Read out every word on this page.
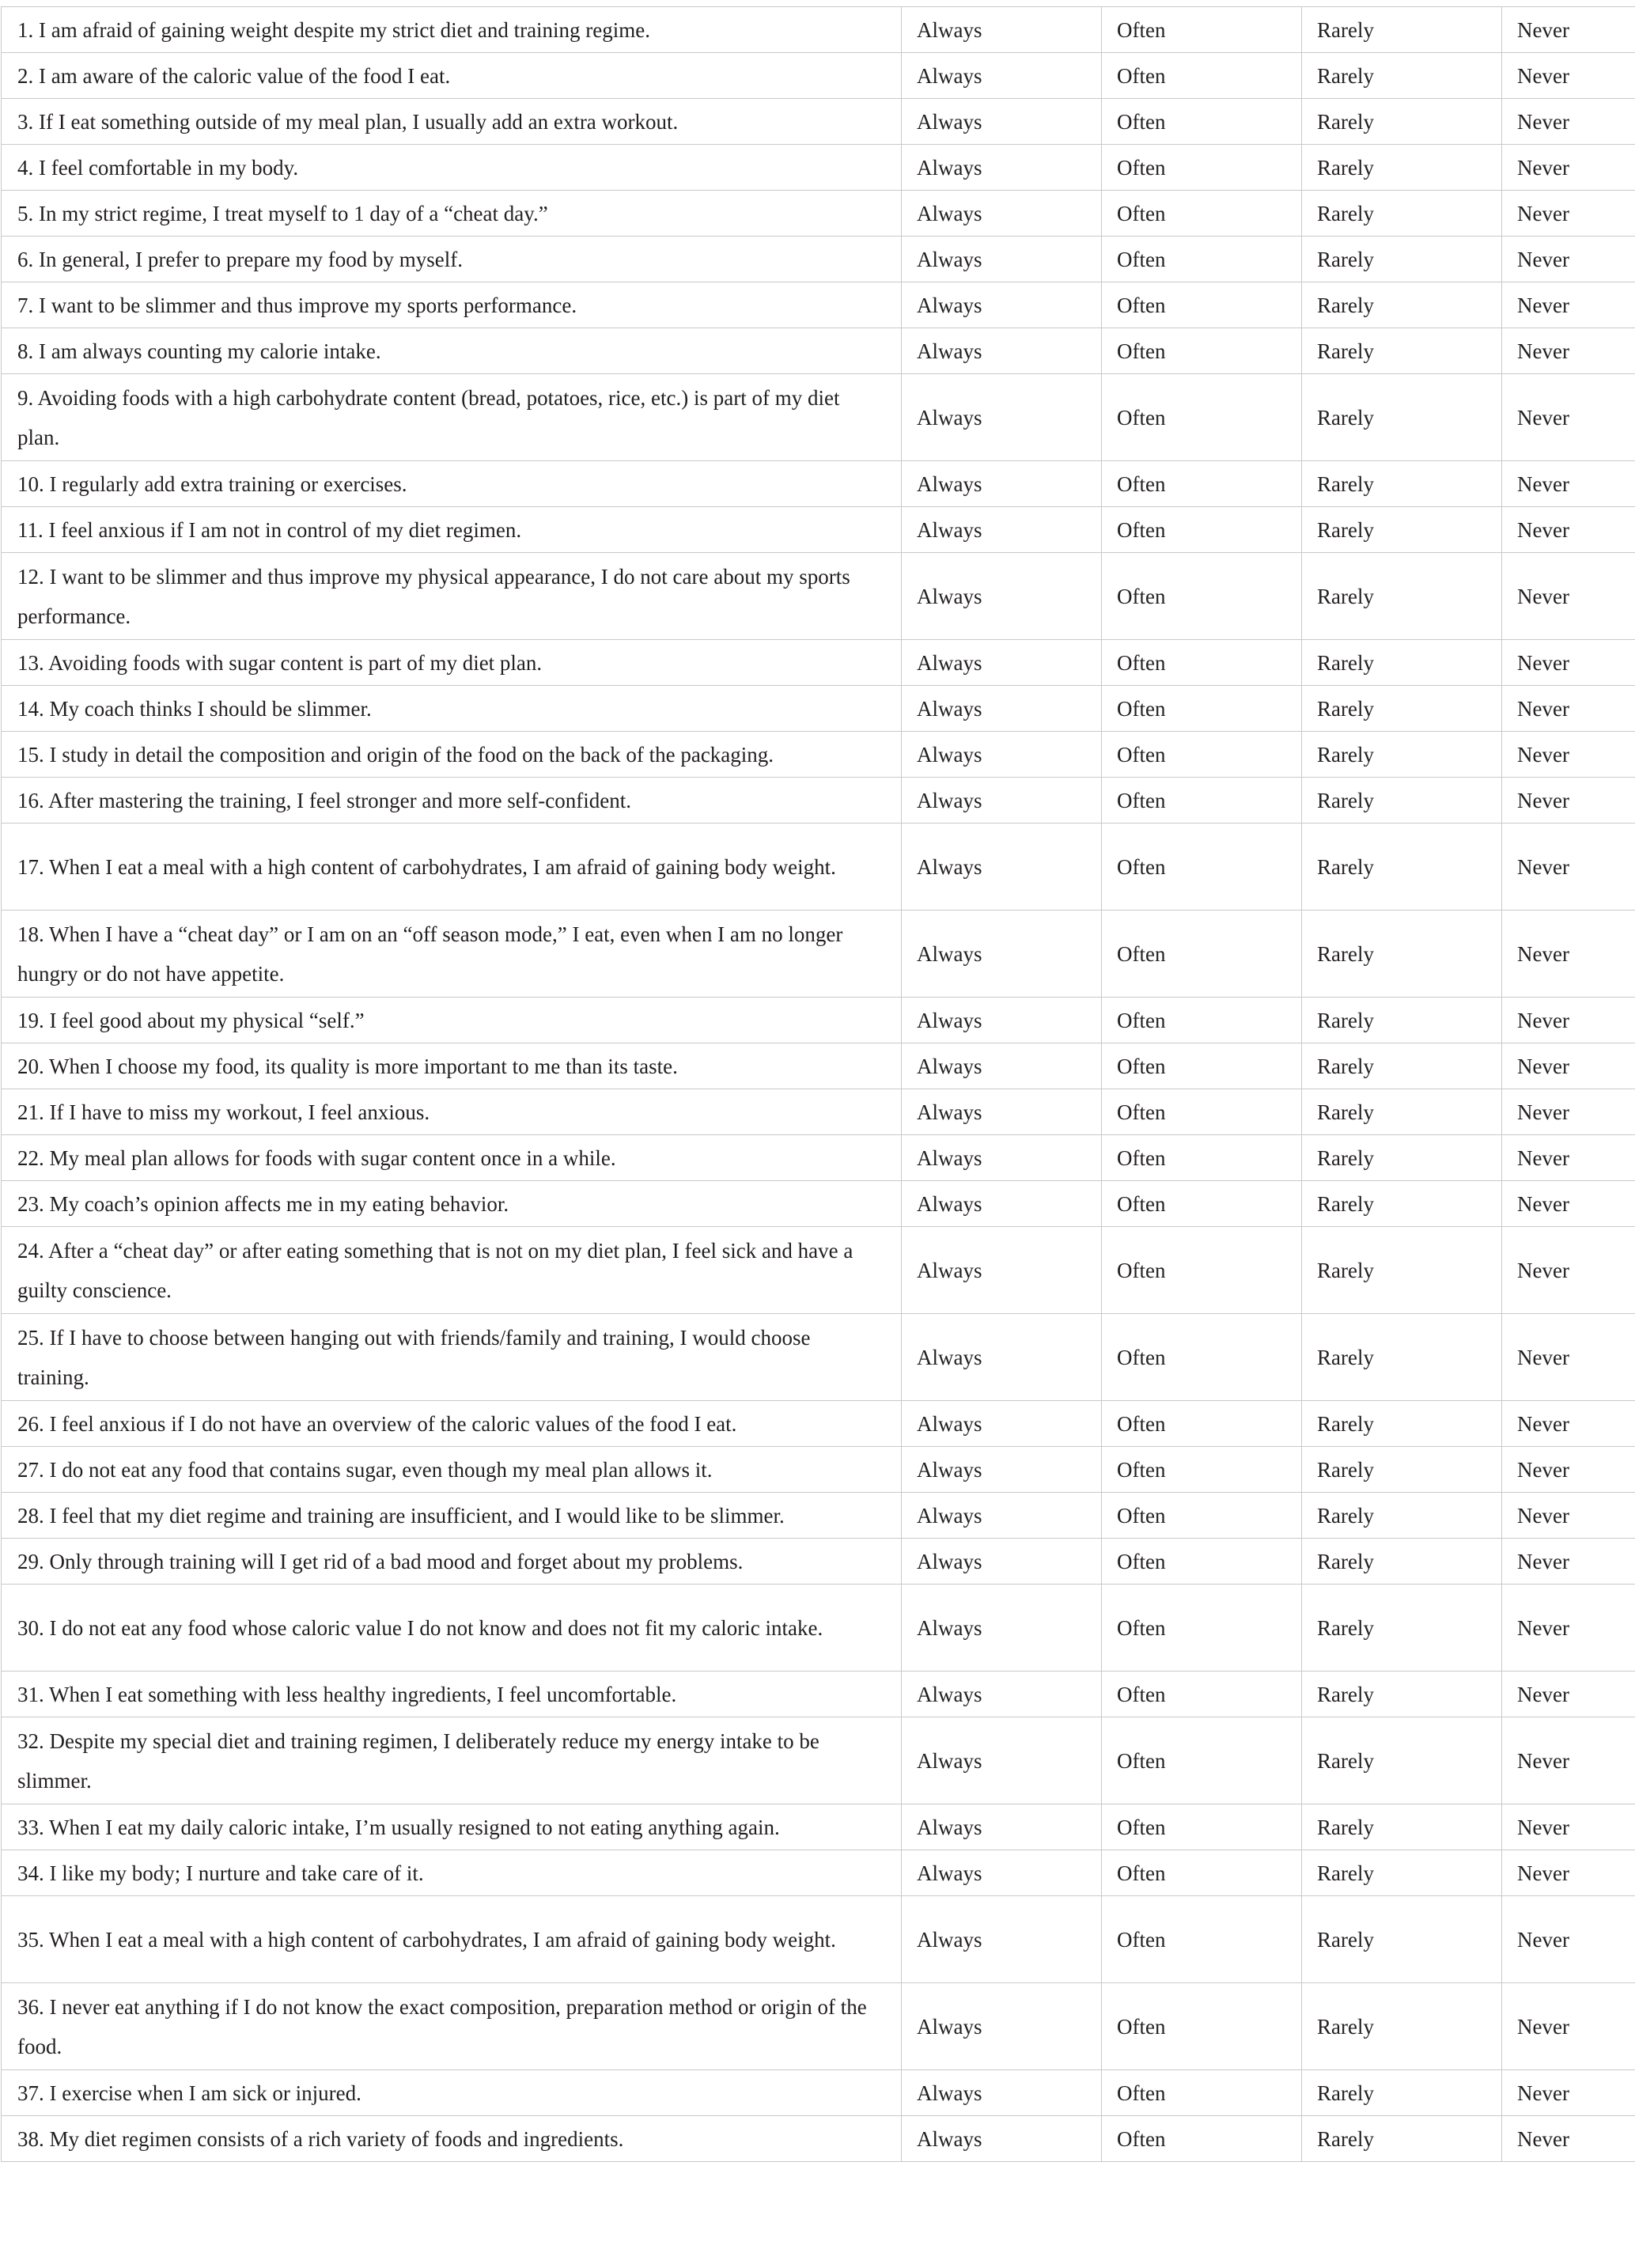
1. I am afraid of gaining weight despite my strict diet and training regime.	Always	Often	Rarely	Never
2. I am aware of the caloric value of the food I eat.	Always	Often	Rarely	Never
3. If I eat something outside of my meal plan, I usually add an extra workout.	Always	Often	Rarely	Never
4. I feel comfortable in my body.	Always	Often	Rarely	Never
5. In my strict regime, I treat myself to 1 day of a “cheat day.”	Always	Often	Rarely	Never
6. In general, I prefer to prepare my food by myself.	Always	Often	Rarely	Never
7. I want to be slimmer and thus improve my sports performance.	Always	Often	Rarely	Never
8. I am always counting my calorie intake.	Always	Often	Rarely	Never
9. Avoiding foods with a high carbohydrate content (bread, potatoes, rice, etc.) is part of my diet plan.	Always	Often	Rarely	Never
10. I regularly add extra training or exercises.	Always	Often	Rarely	Never
11. I feel anxious if I am not in control of my diet regimen.	Always	Often	Rarely	Never
12. I want to be slimmer and thus improve my physical appearance, I do not care about my sports performance.	Always	Often	Rarely	Never
13. Avoiding foods with sugar content is part of my diet plan.	Always	Often	Rarely	Never
14. My coach thinks I should be slimmer.	Always	Often	Rarely	Never
15. I study in detail the composition and origin of the food on the back of the packaging.	Always	Often	Rarely	Never
16. After mastering the training, I feel stronger and more self-confident.	Always	Often	Rarely	Never
17. When I eat a meal with a high content of carbohydrates, I am afraid of gaining body weight.	Always	Often	Rarely	Never
18. When I have a “cheat day” or I am on an “off season mode,” I eat, even when I am no longer hungry or do not have appetite.	Always	Often	Rarely	Never
19. I feel good about my physical “self.”	Always	Often	Rarely	Never
20. When I choose my food, its quality is more important to me than its taste.	Always	Often	Rarely	Never
21. If I have to miss my workout, I feel anxious.	Always	Often	Rarely	Never
22. My meal plan allows for foods with sugar content once in a while.	Always	Often	Rarely	Never
23. My coach’s opinion affects me in my eating behavior.	Always	Often	Rarely	Never
24. After a “cheat day” or after eating something that is not on my diet plan, I feel sick and have a guilty conscience.	Always	Often	Rarely	Never
25. If I have to choose between hanging out with friends/family and training, I would choose training.	Always	Often	Rarely	Never
26. I feel anxious if I do not have an overview of the caloric values of the food I eat.	Always	Often	Rarely	Never
27. I do not eat any food that contains sugar, even though my meal plan allows it.	Always	Often	Rarely	Never
28. I feel that my diet regime and training are insufficient, and I would like to be slimmer.	Always	Often	Rarely	Never
29. Only through training will I get rid of a bad mood and forget about my problems.	Always	Often	Rarely	Never
30. I do not eat any food whose caloric value I do not know and does not fit my caloric intake.	Always	Often	Rarely	Never
31. When I eat something with less healthy ingredients, I feel uncomfortable.	Always	Often	Rarely	Never
32. Despite my special diet and training regimen, I deliberately reduce my energy intake to be slimmer.	Always	Often	Rarely	Never
33. When I eat my daily caloric intake, I’m usually resigned to not eating anything again.	Always	Often	Rarely	Never
34. I like my body; I nurture and take care of it.	Always	Often	Rarely	Never
35. When I eat a meal with a high content of carbohydrates, I am afraid of gaining body weight.	Always	Often	Rarely	Never
36. I never eat anything if I do not know the exact composition, preparation method or origin of the food.	Always	Often	Rarely	Never
37. I exercise when I am sick or injured.	Always	Often	Rarely	Never
38. My diet regimen consists of a rich variety of foods and ingredients.	Always	Often	Rarely	Never
